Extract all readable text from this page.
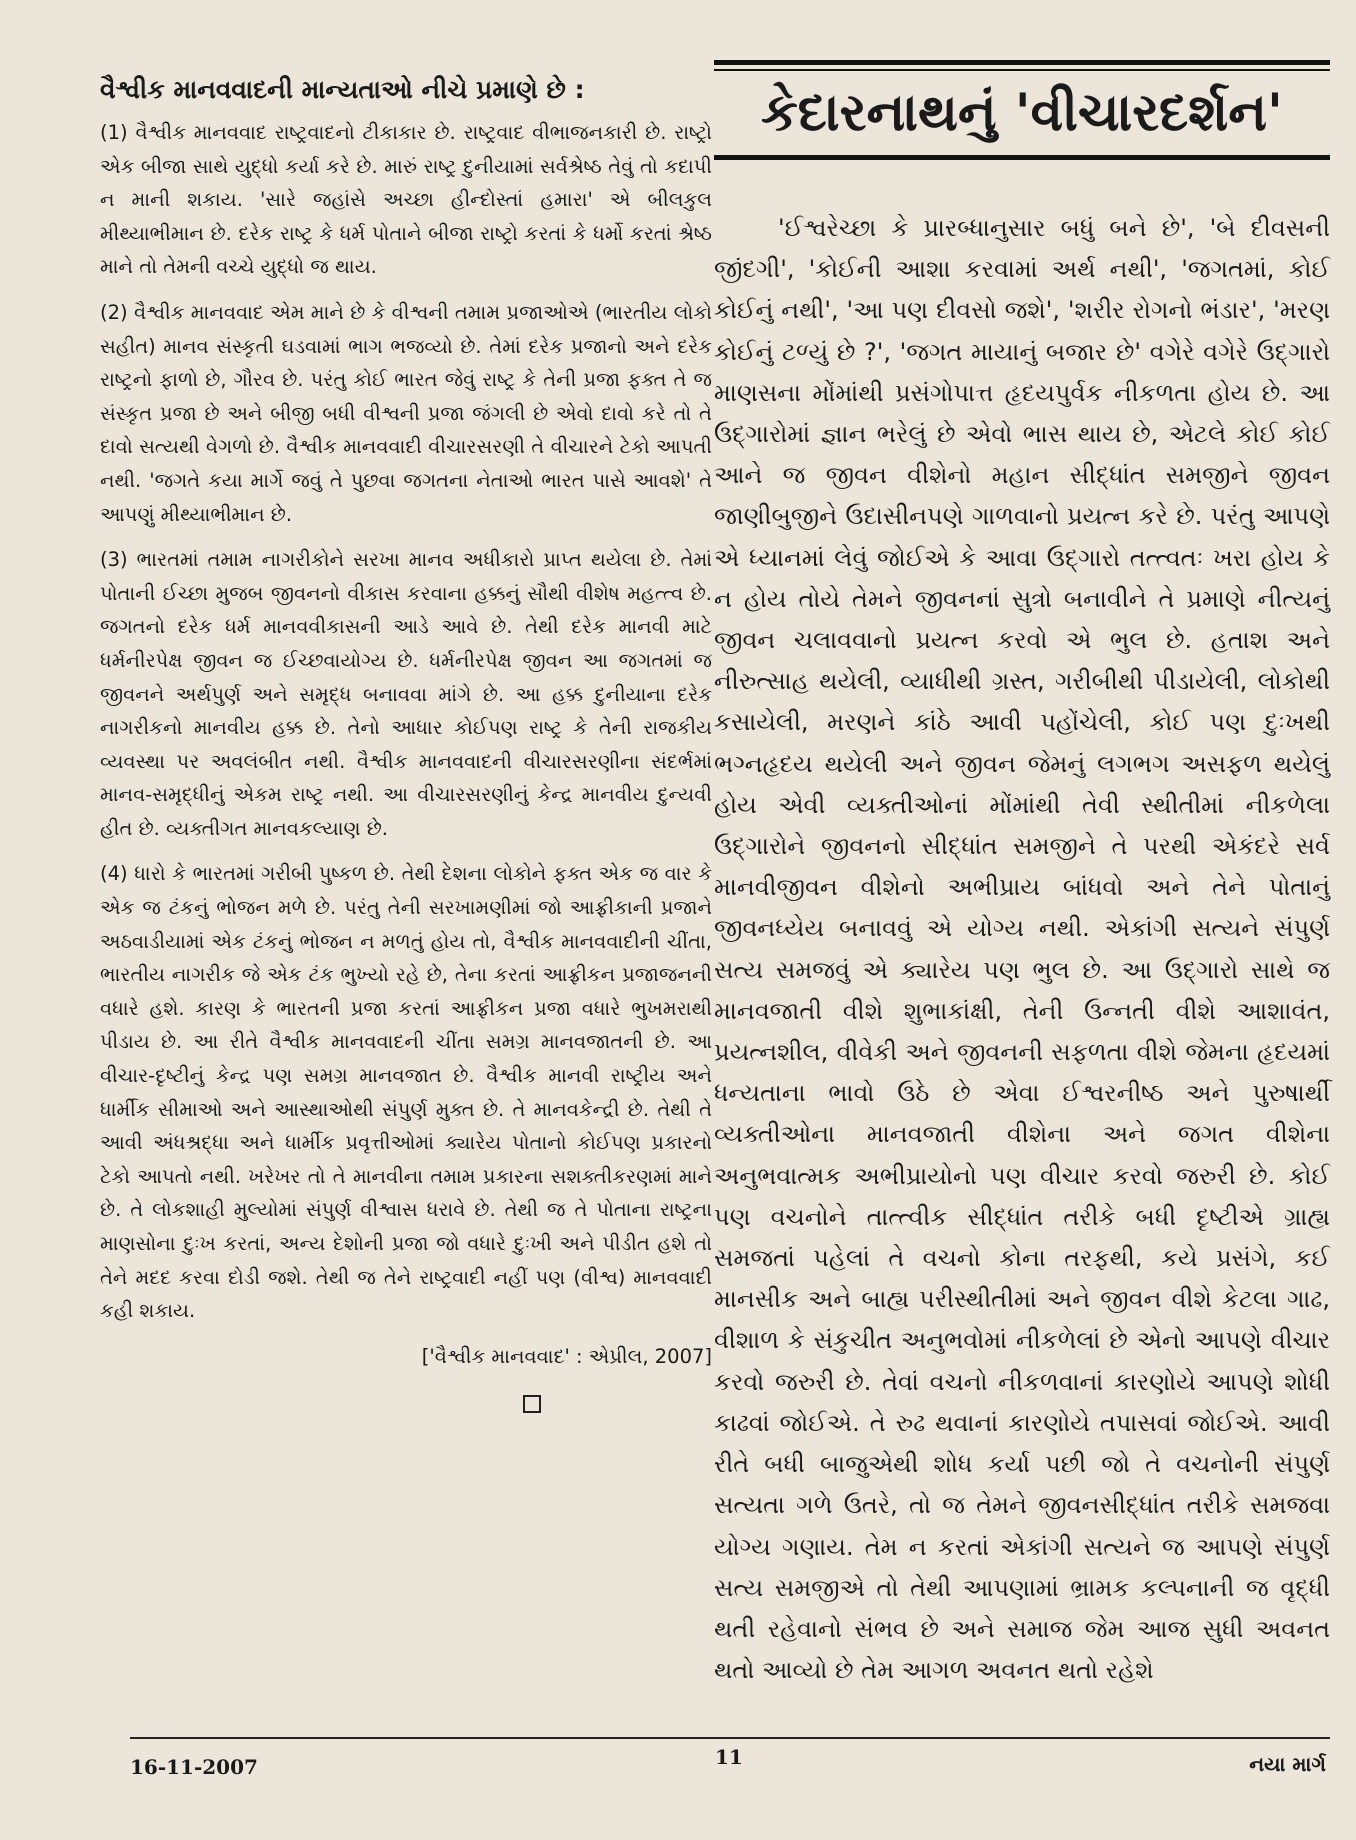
વૈશ્વીક માનવવાદની માન્યતાઓ નીચે પ્રમાણે છે :

(1) વૈશ્વીક માનવવાદ રાષ્ટ્રવાદનો ટીકાકાર છે. રાષ્ટ્રવાદ વીભાજનકારી છે. રાષ્ટ્રો એક બીજા સાથે યુદ્ધો કર્યા કરે છે. મારું રાષ્ટ્ર દુનીયામાં સર્વશ્રેષ્ઠ તેવું તો કદાપી ન માની શકાય. 'સારે જહાંસે અચ્છા હીન્દોસ્તાં હમારા' એ બીલકુલ મીથ્યાભીમાન છે. દરેક રાષ્ટ્ર કે ધર્મ પોતાને બીજા રાષ્ટ્રો કરતાં કે ધર્મો કરતાં શ્રેષ્ઠ માને તો તેમની વચ્ચે યુદ્ધો જ થાય.

(2) વૈશ્વીક માનવવાદ એમ માને છે કે વીશ્વની તમામ પ્રજાઓએ (ભારતીય લોકો સહીત) માનવ સંસ્કૃતી ઘડવામાં ભાગ ભજવ્યો છે. તેમાં દરેક પ્રજાનો અને દરેક રાષ્ટ્રનો ફાળો છે, ગૌરવ છે. પરંતુ કોઈ ભારત જેવું રાષ્ટ્ર કે તેની પ્રજા ફક્ત તે જ સંસ્કૃત પ્રજા છે અને બીજી બધી વીશ્વની પ્રજા જંગલી છે એવો દાવો કરે તો તે દાવો સત્યથી વેગળો છે. વૈશ્વીક માનવવાદી વીચારસરણી તે વીચારને ટેકો આપતી નથી. 'જગતે કયા માર્ગે જવું તે પુછવા જગતના નેતાઓ ભારત પાસે આવશે' તે આપણું મીથ્યાભીમાન છે.

(3) ભારતમાં તમામ નાગરીકોને સરખા માનવ અધીકારો પ્રાપ્ત થયેલા છે. તેમાં પોતાની ઈચ્છા મુજબ જીવનનો વીકાસ કરવાના હક્કનું સૌથી વીશેષ મહત્ત્વ છે. જગતનો દરેક ધર્મ માનવવીકાસની આડે આવે છે. તેથી દરેક માનવી માટે ધર્મનીરપેક્ષ જીવન જ ઈચ્છવાયોગ્ય છે. ધર્મનીરપેક્ષ જીવન આ જગતમાં જ જીવનને અર્થપુર્ણ અને સમૃદ્ધ બનાવવા માંગે છે. આ હક્ક દુનીયાના દરેક નાગરીકનો માનવીય હક્ક છે. તેનો આધાર કોઈપણ રાષ્ટ્ર કે તેની રાજકીય વ્યવસ્થા પર અવલંબીત નથી. વૈશ્વીક માનવવાદની વીચારસરણીના સંદર્ભમાં માનવ-સમૃદ્ધીનું એકમ રાષ્ટ્ર નથી. આ વીચારસરણીનું કેન્દ્ર માનવીય દુન્યવી હીત છે. વ્યક્તીગત માનવકલ્યાણ છે.

(4) ધારો કે ભારતમાં ગરીબી પુષ્કળ છે. તેથી દેશના લોકોને ફક્ત એક જ વાર કે એક જ ટંકનું ભોજન મળે છે. પરંતુ તેની સરખામણીમાં જો આફ્રીકાની પ્રજાને અઠવાડીયામાં એક ટંકનું ભોજન ન મળતું હોય તો, વૈશ્વીક માનવવાદીની ચીંતા, ભારતીય નાગરીક જે એક ટંક ભુખ્યો રહે છે, તેના કરતાં આફ્રીકન પ્રજાજનની વધારે હશે. કારણ કે ભારતની પ્રજા કરતાં આફ્રીકન પ્રજા વધારે ભુખમરાથી પીડાય છે. આ રીતે વૈશ્વીક માનવવાદની ચીંતા સમગ્ર માનવજાતની છે. આ વીચાર-દૃષ્ટીનું કેન્દ્ર પણ સમગ્ર માનવજાત છે. વૈશ્વીક માનવી રાષ્ટ્રીય અને ધાર્મીક સીમાઓ અને આસ્થાઓથી સંપુર્ણ મુક્ત છે. તે માનવકેન્દ્રી છે. તેથી તે આવી અંધશ્રદ્ધા અને ધાર્મીક પ્રવૃત્તીઓમાં ક્યારેય પોતાનો કોઈપણ પ્રકારનો ટેકો આપતો નથી. ખરેખર તો તે માનવીના તમામ પ્રકારના સશક્તીકરણમાં માને છે. તે લોકશાહી મુલ્યોમાં સંપુર્ણ વીશ્વાસ ધરાવે છે. તેથી જ તે પોતાના રાષ્ટ્રના માણસોના દુઃખ કરતાં, અન્ય દેશોની પ્રજા જો વધારે દુઃખી અને પીડીત હશે તો તેને મદદ કરવા દોડી જશે. તેથી જ તેને રાષ્ટ્રવાદી નહીં પણ (વીશ્વ) માનવવાદી કહી શકાય.

['વૈશ્વીક માનવવાદ' : એપ્રીલ, 2007]

કેદારનાથનું 'વીચારદર્શન'
'ઈશ્વરેચ્છા કે પ્રારબ્ધાનુસાર બધું બને છે', 'બે દીવસની જીંદગી', 'કોઈની આશા કરવામાં અર્થ નથી', 'જગતમાં, કોઈ કોઈનું નથી', 'આ પણ દીવસો જશે', 'શરીર રોગનો ભંડાર', 'મરણ કોઈનું ટળ્યું છે ?', 'જગત માયાનું બજાર છે' વગેરે વગેરે ઉદ્ગારો માણસના મોંમાંથી પ્રસંગોપાત્ત હૃદયપુર્વક નીકળતા હોય છે. આ ઉદ્ગારોમાં જ્ઞાન ભરેલું છે એવો ભાસ થાય છે, એટલે કોઈ કોઈ આને જ જીવન વીશેનો મહાન સીદ્ધાંત સમજીને જીવન જાણીબુજીને ઉદાસીનપણે ગાળવાનો પ્રયત્ન કરે છે. પરંતુ આપણે એ ધ્યાનમાં લેવું જોઈએ કે આવા ઉદ્ગારો તત્ત્વતઃ ખરા હોય કે ન હોય તોયે તેમને જીવનનાં સુત્રો બનાવીને તે પ્રમાણે નીત્યનું જીવન ચલાવવાનો પ્રયત્ન કરવો એ ભુલ છે. હતાશ અને નીરુત્સાહ થયેલી, વ્યાધીથી ગ્રસ્ત, ગરીબીથી પીડાયેલી, લોકોથી કસાયેલી, મરણને કાંઠે આવી પહોંચેલી, કોઈ પણ દુઃખથી ભગ્નહૃદય થયેલી અને જીવન જેમનું લગભગ અસફળ થયેલું હોય એવી વ્યક્તીઓનાં મોંમાંથી તેવી સ્થીતીમાં નીકળેલા ઉદ્ગારોને જીવનનો સીદ્ધાંત સમજીને તે પરથી એકંદરે સર્વ માનવીજીવન વીશેનો અભીપ્રાય બાંધવો અને તેને પોતાનું જીવનધ્યેય બનાવવું એ યોગ્ય નથી. એકાંગી સત્યને સંપુર્ણ સત્ય સમજવું એ ક્યારેય પણ ભુલ છે. આ ઉદ્ગારો સાથે જ માનવજાતી વીશે શુભાકાંક્ષી, તેની ઉન્નતી વીશે આશાવંત, પ્રયત્નશીલ, વીવેકી અને જીવનની સફળતા વીશે જેમના હૃદયમાં ધન્યતાના ભાવો ઉઠે છે એવા ઈશ્વરનીષ્ઠ અને પુરુષાર્થી વ્યક્તીઓના માનવજાતી વીશેના અને જગત વીશેના અનુભવાત્મક અભીપ્રાયોનો પણ વીચાર કરવો જરુરી છે. કોઈ પણ વચનોને તાત્ત્વીક સીદ્ધાંત તરીકે બધી દૃષ્ટીએ ગ્રાહ્ય સમજતાં પહેલાં તે વચનો કોના તરફથી, કયે પ્રસંગે, કઈ માનસીક અને બાહ્ય પરીસ્થીતીમાં અને જીવન વીશે કેટલા ગાઢ, વીશાળ કે સંકુચીત અનુભવોમાં નીકળેલાં છે એનો આપણે વીચાર કરવો જરુરી છે. તેવાં વચનો નીકળવાનાં કારણોયે આપણે શોધી કાઢવાં જોઈએ. તે રુઢ થવાનાં કારણોયે તપાસવાં જોઈએ. આવી રીતે બધી બાજુએથી શોધ કર્યા પછી જો તે વચનોની સંપુર્ણ સત્યતા ગળે ઉતરે, તો જ તેમને જીવનસીદ્ધાંત તરીકે સમજવા યોગ્ય ગણાય. તેમ ન કરતાં એકાંગી સત્યને જ આપણે સંપુર્ણ સત્ય સમજીએ તો તેથી આપણામાં ભ્રામક કલ્પનાની જ વૃદ્ધી થતી રહેવાનો સંભવ છે અને સમાજ જેમ આજ સુધી અવનત થતો આવ્યો છે તેમ આગળ અવનત થતો રહેશે
16-11-2007	11	નયા માર્ગ
